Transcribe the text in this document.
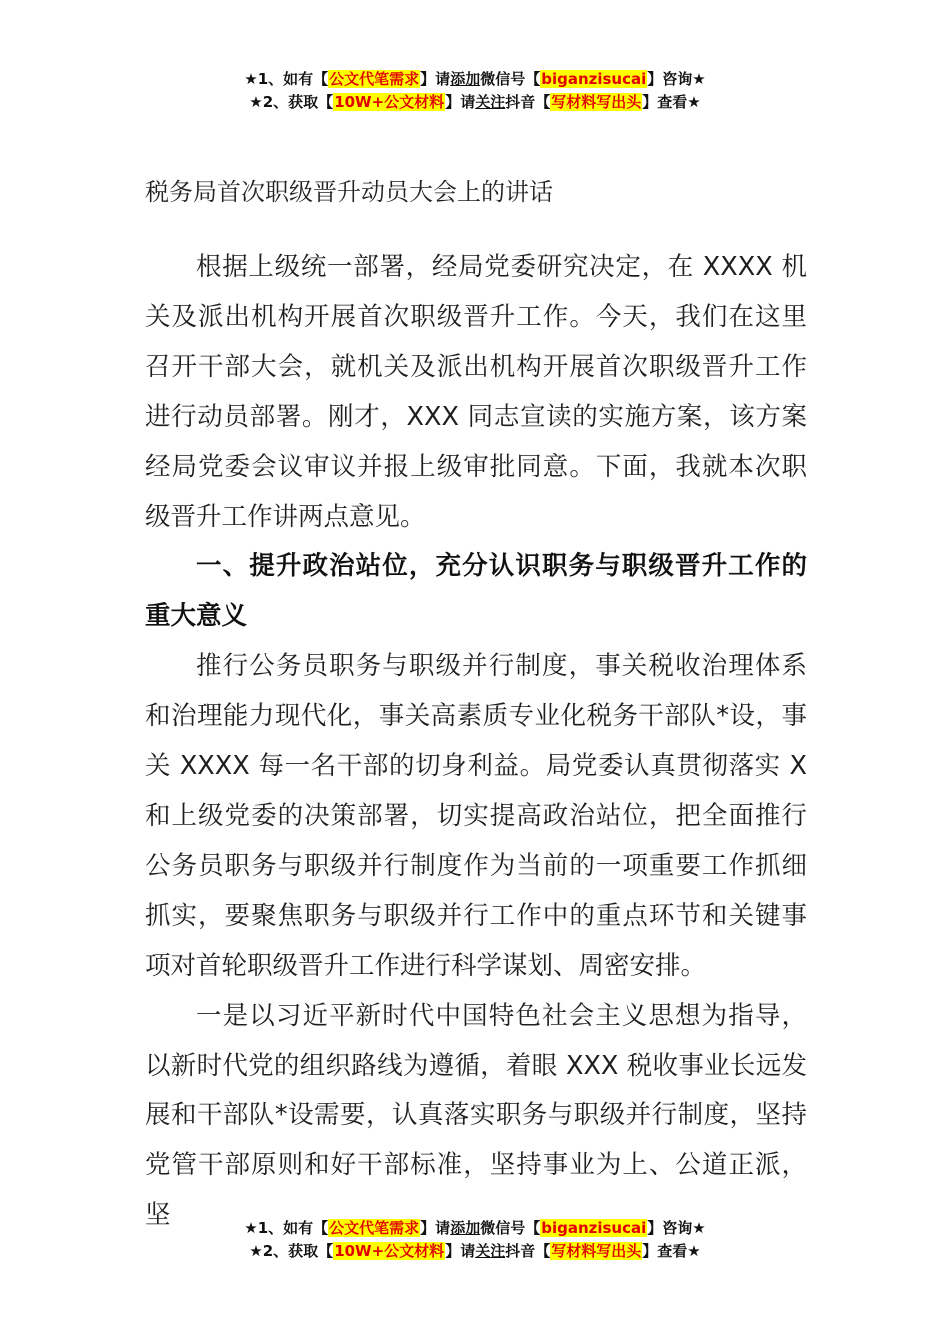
★1、如有【公文代笔需求】请添加微信号【biganzisucai】咨询★
★2、获取【10W+公文材料】请关注抖音【写材料写出头】查看★
税务局首次职级晋升动员大会上的讲话

根据上级统一部署，经局党委研究决定，在 XXXX 机关及派出机构开展首次职级晋升工作。今天，我们在这里召开干部大会，就机关及派出机构开展首次职级晋升工作进行动员部署。刚才，XXX 同志宣读的实施方案，该方案经局党委会议审议并报上级审批同意。下面，我就本次职级晋升工作讲两点意见。

一、提升政治站位，充分认识职务与职级晋升工作的重大意义

推行公务员职务与职级并行制度，事关税收治理体系和治理能力现代化，事关高素质专业化税务干部队*设，事关 XXXX 每一名干部的切身利益。局党委认真贯彻落实 X 和上级党委的决策部署，切实提高政治站位，把全面推行公务员职务与职级并行制度作为当前的一项重要工作抓细抓实，要聚焦职务与职级并行工作中的重点环节和关键事项对首轮职级晋升工作进行科学谋划、周密安排。

一是以习近平新时代中国特色社会主义思想为指导，以新时代党的组织路线为遵循，着眼 XXX 税收事业长远发展和干部队*设需要，认真落实职务与职级并行制度，坚持党管干部原则和好干部标准，坚持事业为上、公道正派，坚	★1、如有【公文代笔需求】请添加微信号【biganzisucai】咨询★
★2、获取【10W+公文材料】请关注抖音【写材料写出头】查看★
